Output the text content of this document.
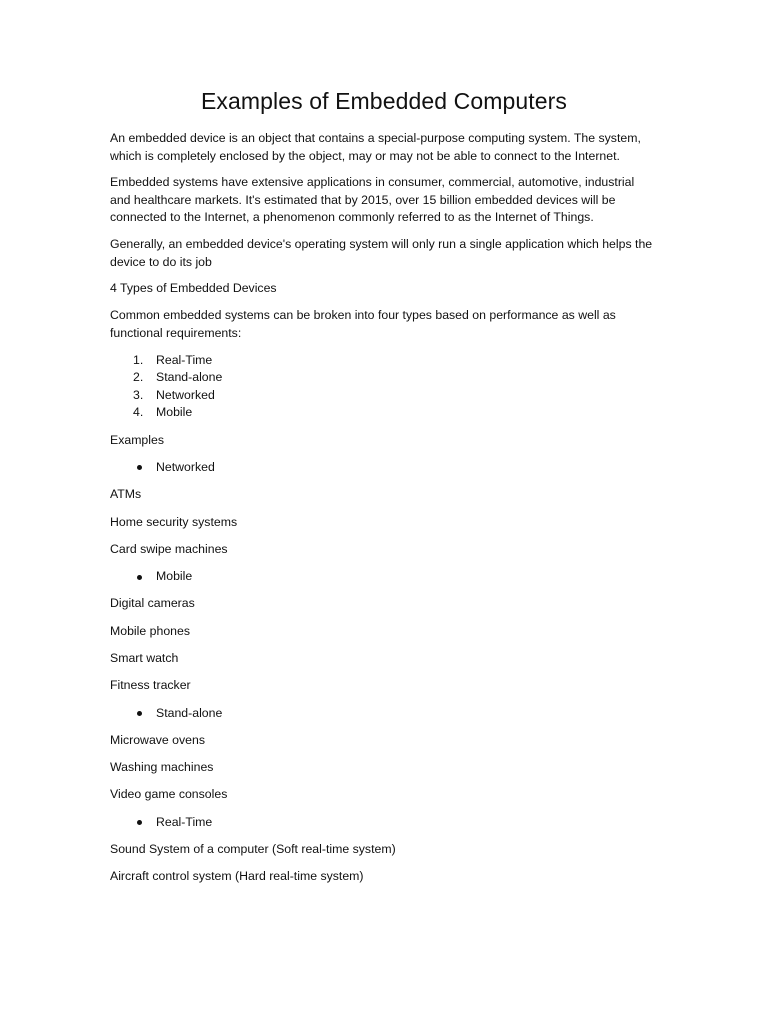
Examples of Embedded Computers

An embedded device is an object that contains a special-purpose computing system. The system, which is completely enclosed by the object, may or may not be able to connect to the Internet.

Embedded systems have extensive applications in consumer, commercial, automotive, industrial and healthcare markets. It's estimated that by 2015, over 15 billion embedded devices will be connected to the Internet, a phenomenon commonly referred to as the Internet of Things.

Generally, an embedded device's operating system will only run a single application which helps the device to do its job

4 Types of Embedded Devices

Common embedded systems can be broken into four types based on performance as well as functional requirements:

1. Real-Time
2. Stand-alone
3. Networked
4. Mobile

Examples

Networked

ATMs

Home security systems

Card swipe machines

Mobile

Digital cameras

Mobile phones

Smart watch

Fitness tracker

Stand-alone

Microwave ovens

Washing machines

Video game consoles

Real-Time

Sound System of a computer (Soft real-time system)

Aircraft control system (Hard real-time system)
